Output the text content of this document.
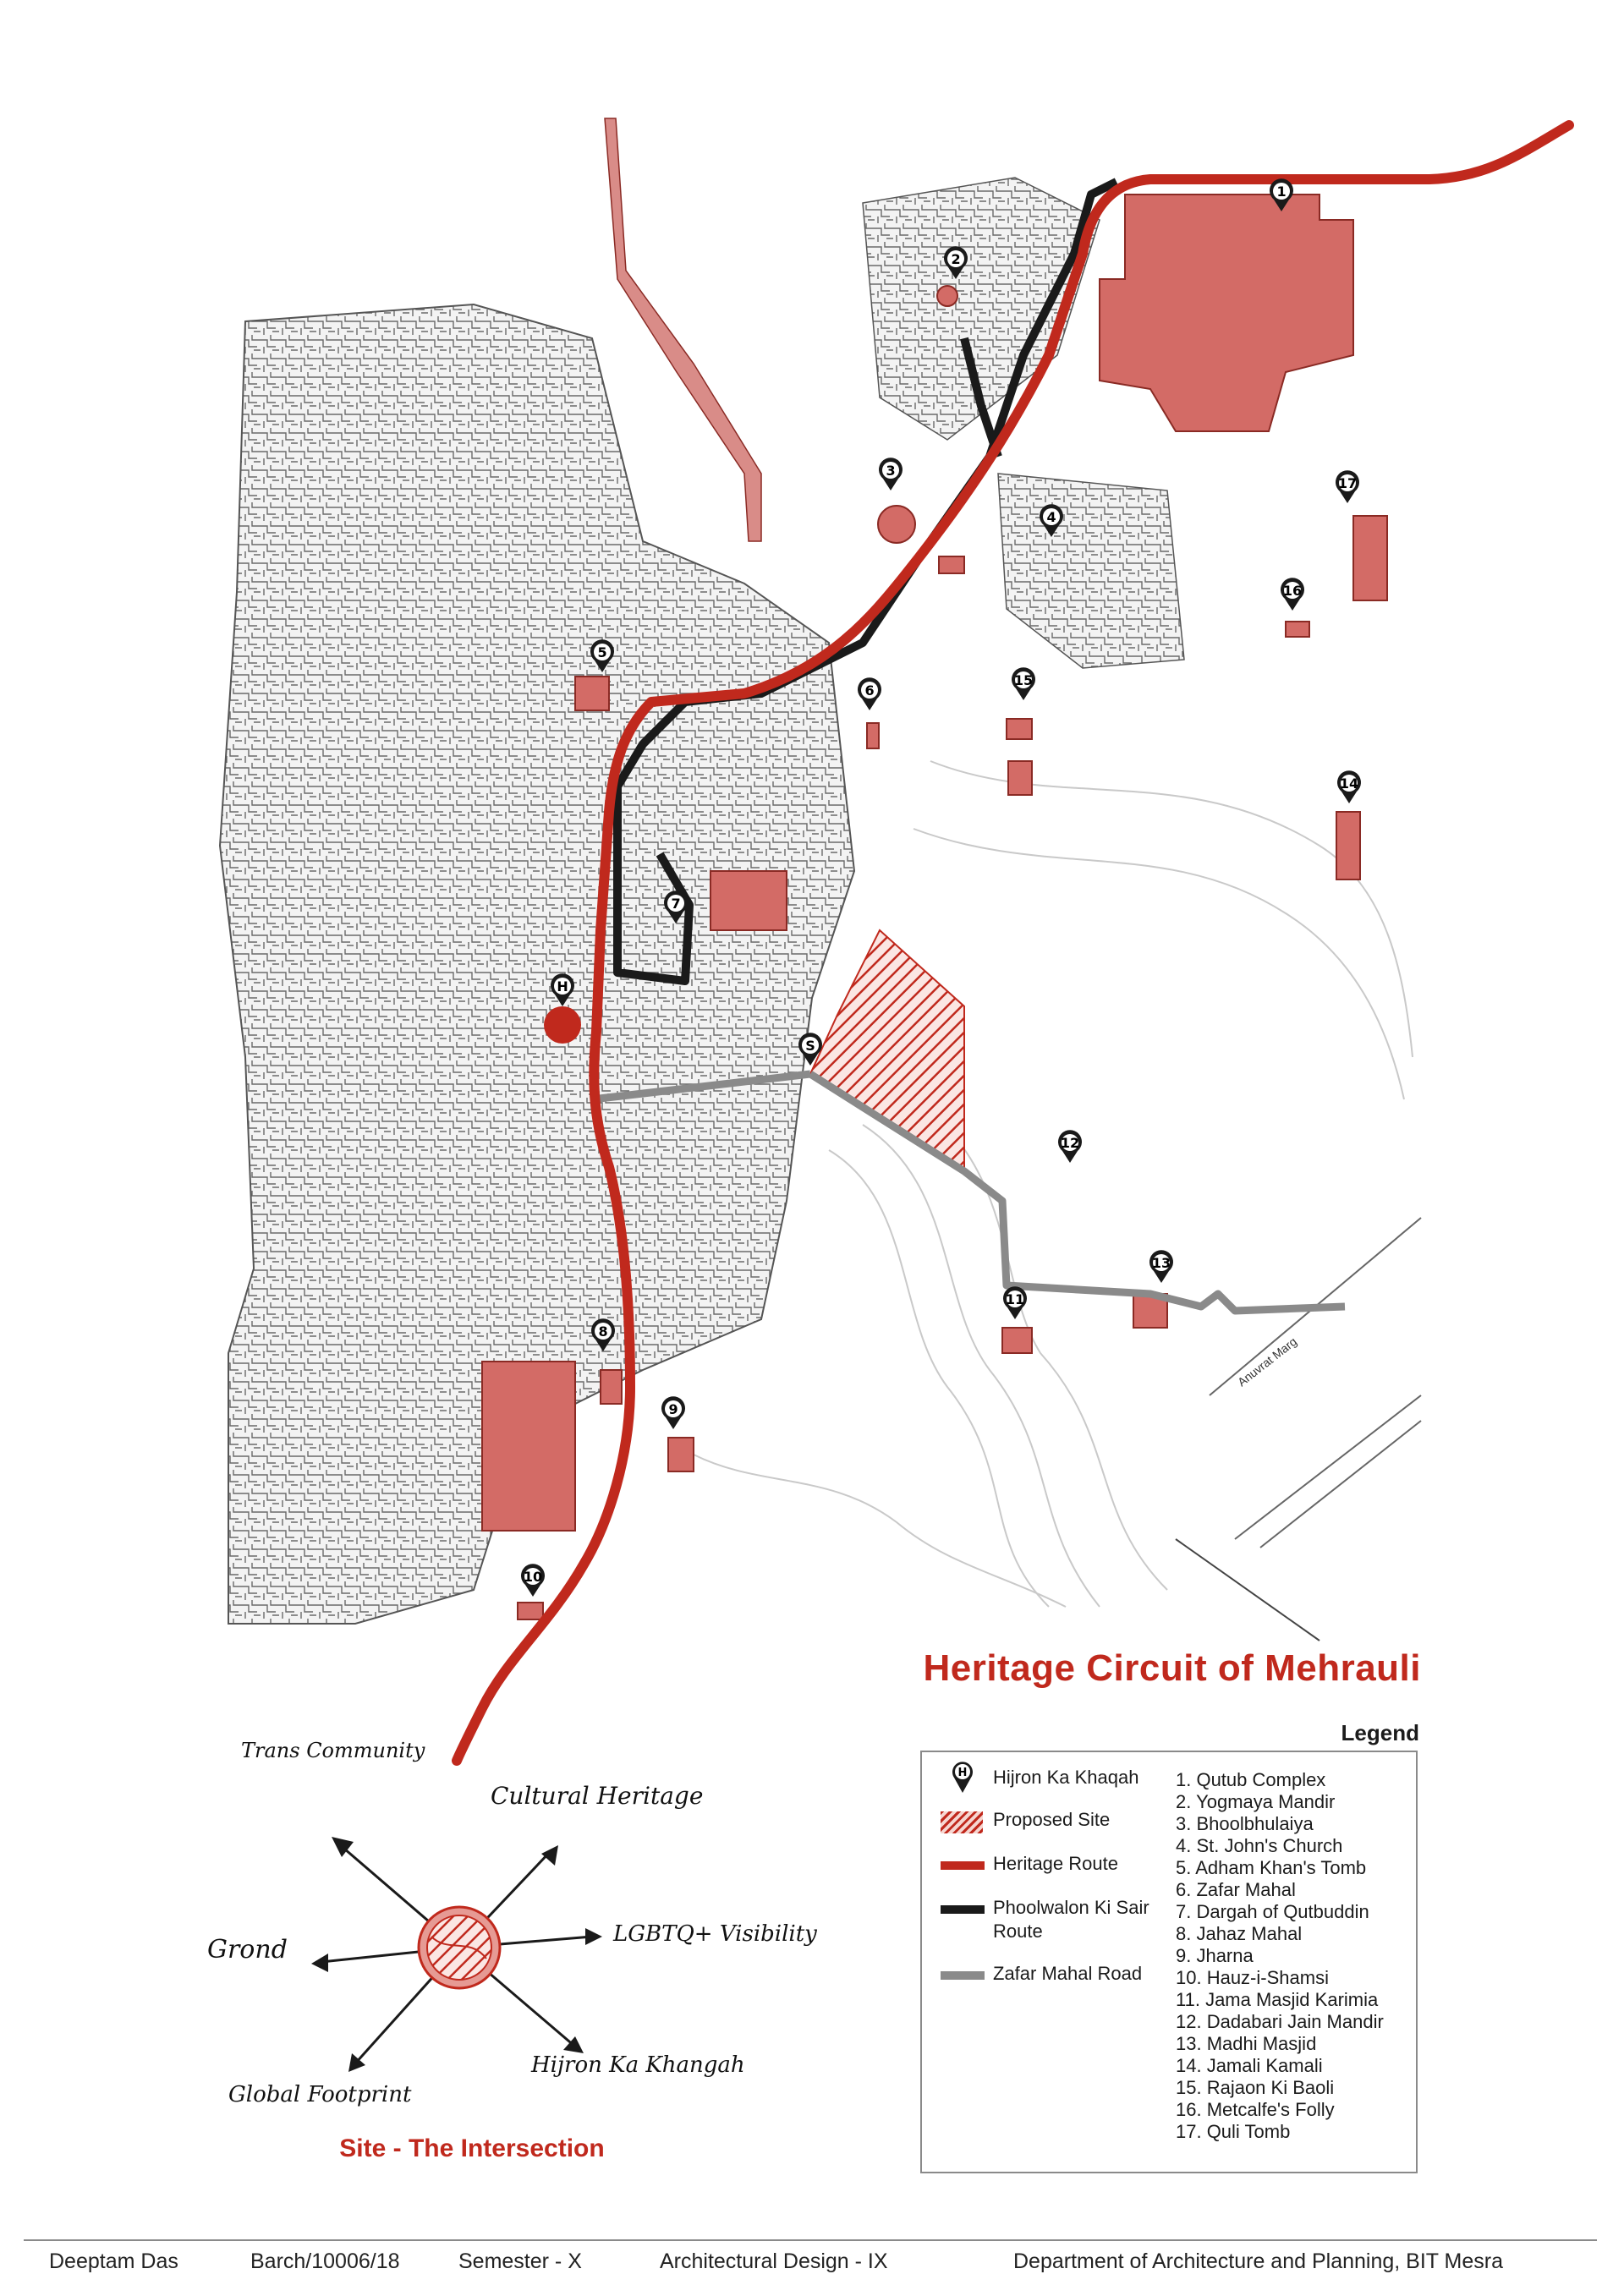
Anuvrat Marg
1
2
3
4
5
6
7
8
9
10
11
12
13
14
15
16
17
H
S
Trans Community
Cultural Heritage
LGBTQ+ Visibility
Hijron Ka Khangah
Global Footprint
Grond
Heritage Circuit of Mehrauli
Legend
H Hijron Ka Khaqah
Proposed Site
Heritage Route
Phoolwalon Ki Sair Route
Zafar Mahal Road
1. Qutub Complex
2. Yogmaya Mandir
3. Bhoolbhulaiya
4. St. John's Church
5. Adham Khan's Tomb
6. Zafar Mahal
7. Dargah of Qutbuddin
8. Jahaz Mahal
9. Jharna
10. Hauz-i-Shamsi
11. Jama Masjid Karimia
12. Dadabari Jain Mandir
13. Madhi Masjid
14. Jamali Kamali
15. Rajaon Ki Baoli
16. Metcalfe's Folly
17. Quli Tomb
Site - The Intersection
Deeptam Das	Barch/10006/18	Semester - X	Architectural Design - IX	Department of Architecture and Planning, BIT Mesra
